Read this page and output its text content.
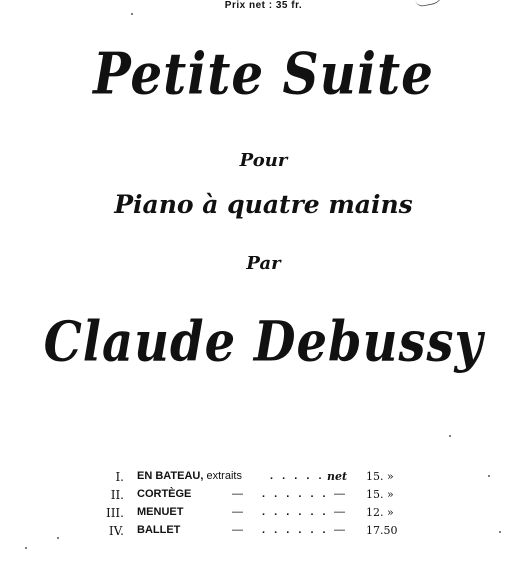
Petite Suite
Pour
Piano à quatre mains
Par
Claude Debussy
Prix net : 35 fr.
I. EN BATEAU, extraits	. . . . . net 15. »
II. CORTÈGE	— . . . . . . — 15. »
III. MENUET	— . . . . . . — 12. »
IV. BALLET	— . . . . . . — 17.50
